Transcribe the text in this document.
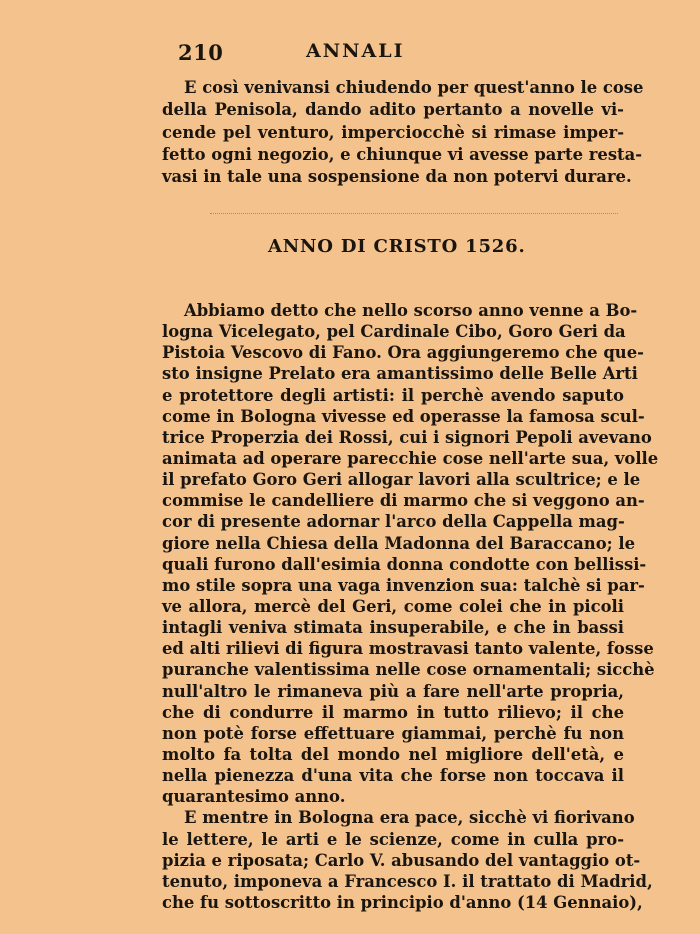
210	ANNALI
E così venivansi chiudendo per quest'anno le cose
della Penisola, dando adito pertanto a novelle vi-
cende pel venturo, imperciocchè si rimase imper-
fetto ogni negozio, e chiunque vi avesse parte resta-
vasi in tale una sospensione da non potervi durare.
ANNO DI CRISTO 1526.
Abbiamo detto che nello scorso anno venne a Bo-
logna Vicelegato, pel Cardinale Cibo, Goro Geri da
Pistoia Vescovo di Fano. Ora aggiungeremo che que-
sto insigne Prelato era amantissimo delle Belle Arti
e protettore degli artisti: il perchè avendo saputo
come in Bologna vivesse ed operasse la famosa scul-
trice Properzia dei Rossi, cui i signori Pepoli avevano
animata ad operare parecchie cose nell'arte sua, volle
il prefato Goro Geri allogar lavori alla scultrice; e le
commise le candelliere di marmo che si veggono an-
cor di presente adornar l'arco della Cappella mag-
giore nella Chiesa della Madonna del Baraccano; le
quali furono dall'esimia donna condotte con bellissi-
mo stile sopra una vaga invenzion sua: talchè si par-
ve allora, mercè del Geri, come colei che in picoli
intagli veniva stimata insuperabile, e che in bassi
ed alti rilievi di figura mostravasi tanto valente, fosse
puranche valentissima nelle cose ornamentali; sicchè
null'altro le rimaneva più a fare nell'arte propria,
che di condurre il marmo in tutto rilievo; il che
non potè forse effettuare giammai, perchè fu non
molto fa tolta del mondo nel migliore dell'età, e
nella pienezza d'una vita che forse non toccava il
quarantesimo anno.
E mentre in Bologna era pace, sicchè vi fiorivano
le lettere, le arti e le scienze, come in culla pro-
pizia e riposata; Carlo V. abusando del vantaggio ot-
tenuto, imponeva a Francesco I. il trattato di Madrid,
che fu sottoscritto in principio d'anno (14 Gennaio),
